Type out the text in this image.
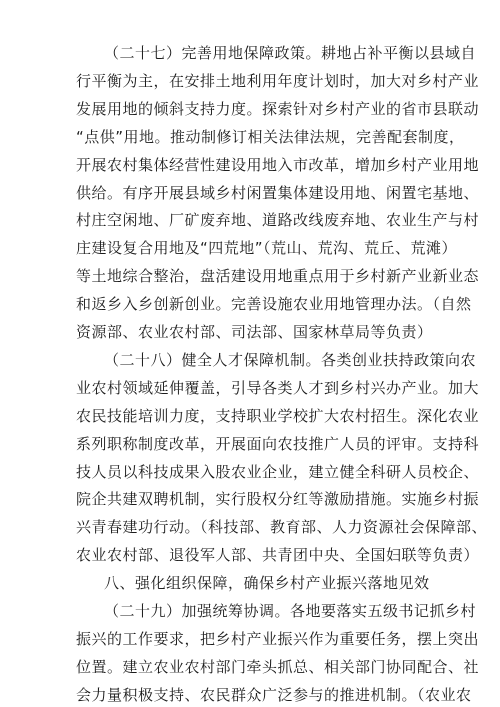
（二十七）完善用地保障政策。耕地占补平衡以县域自
行平衡为主，在安排土地利用年度计划时，加大对乡村产业
发展用地的倾斜支持力度。探索针对乡村产业的省市县联动
“点供”用地。推动制修订相关法律法规，完善配套制度，
开展农村集体经营性建设用地入市改革，增加乡村产业用地
供给。有序开展县域乡村闲置集体建设用地、闲置宅基地、
村庄空闲地、厂矿废弃地、道路改线废弃地、农业生产与村
庄建设复合用地及“四荒地”（荒山、荒沟、荒丘、荒滩）
等土地综合整治，盘活建设用地重点用于乡村新产业新业态
和返乡入乡创新创业。完善设施农业用地管理办法。（自然
资源部、农业农村部、司法部、国家林草局等负责）
（二十八）健全人才保障机制。各类创业扶持政策向农
业农村领域延伸覆盖，引导各类人才到乡村兴办产业。加大
农民技能培训力度，支持职业学校扩大农村招生。深化农业
系列职称制度改革，开展面向农技推广人员的评审。支持科
技人员以科技成果入股农业企业，建立健全科研人员校企、
院企共建双聘机制，实行股权分红等激励措施。实施乡村振
兴青春建功行动。（科技部、教育部、人力资源社会保障部、
农业农村部、退役军人部、共青团中央、全国妇联等负责）
八、强化组织保障，确保乡村产业振兴落地见效
（二十九）加强统筹协调。各地要落实五级书记抓乡村
振兴的工作要求，把乡村产业振兴作为重要任务，摆上突出
位置。建立农业农村部门牵头抓总、相关部门协同配合、社
会力量积极支持、农民群众广泛参与的推进机制。（农业农
